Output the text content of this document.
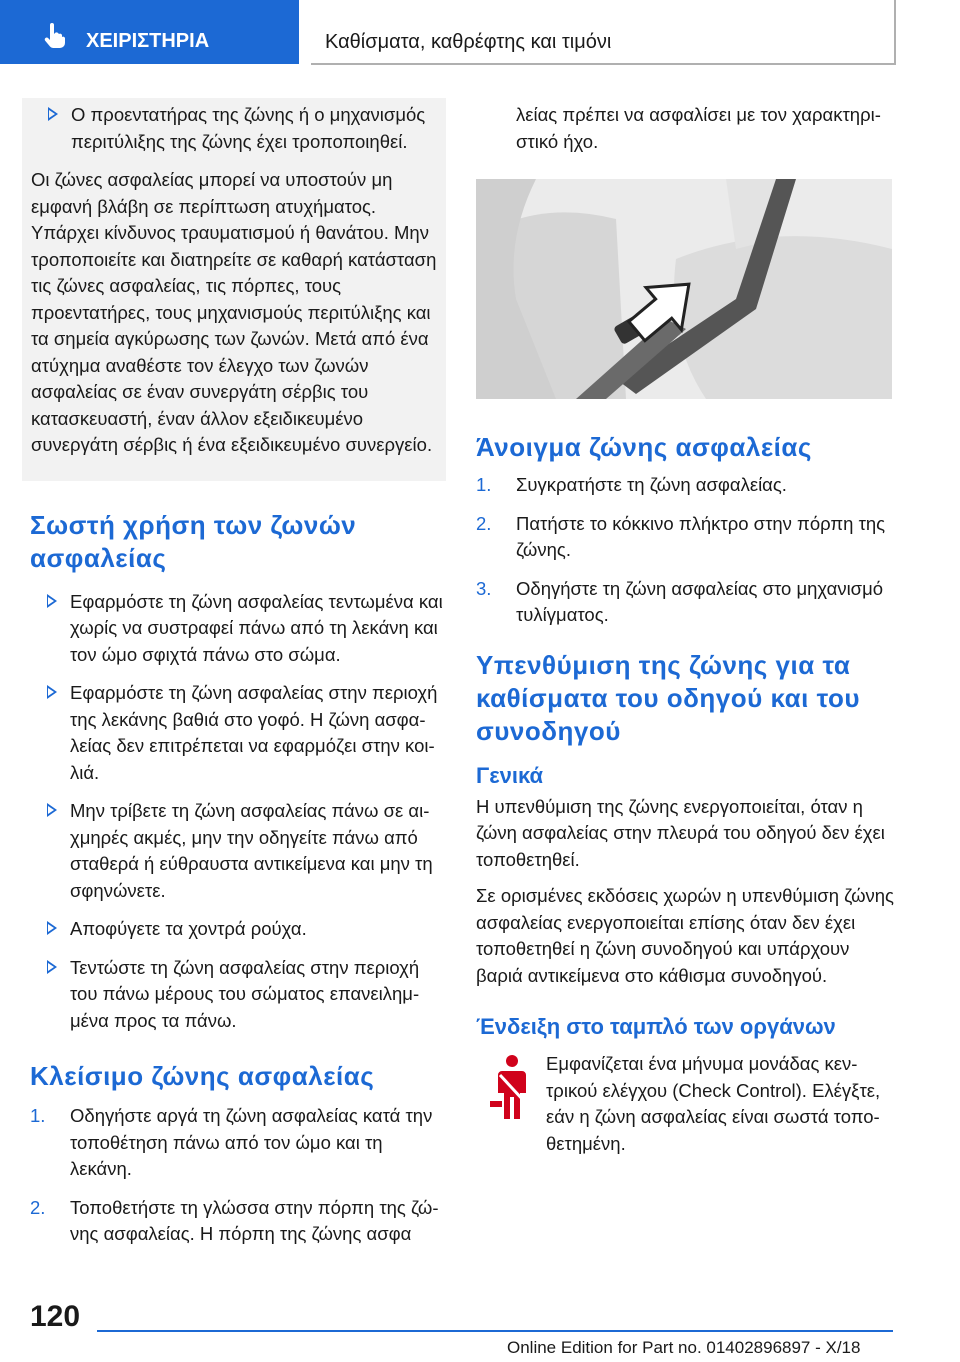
ΧΕΙΡΙΣΤΗΡΙΑ	Καθίσματα, καθρέφτης και τιμόνι
Ο προεντατήρας της ζώνης ή ο μηχανισμός περιτύλιξης της ζώνης έχει τροποποιηθεί.

Οι ζώνες ασφαλείας μπορεί να υποστούν μη εμφανή βλάβη σε περίπτωση ατυχήματος. Υπάρχει κίνδυνος τραυματισμού ή θανάτου. Μην τροποποιείτε και διατηρείτε σε καθαρή κατάσταση τις ζώνες ασφαλείας, τις πόρπες, τους προεντατήρες, τους μηχανισμούς περιτύλιξης και τα σημεία αγκύρωσης των ζωνών. Μετά από ένα ατύχημα αναθέστε τον έλεγχο των ζωνών ασφαλείας σε έναν συνεργάτη σέρβις του κατασκευαστή, έναν άλλον εξειδικευμένο συνεργάτη σέρβις ή ένα εξειδικευμένο συνεργείο.

Σωστή χρήση των ζωνών ασφαλείας
Εφαρμόστε τη ζώνη ασφαλείας τεντωμένα και χωρίς να συστραφεί πάνω από τη λεκάνη και τον ώμο σφιχτά πάνω στο σώμα.
Εφαρμόστε τη ζώνη ασφαλείας στην περιοχή της λεκάνης βαθιά στο γοφό. Η ζώνη ασφαλείας δεν επιτρέπεται να εφαρμόζει στην κοιλιά.
Μην τρίβετε τη ζώνη ασφαλείας πάνω σε αιχμηρές ακμές, μην την οδηγείτε πάνω από σταθερά ή εύθραυστα αντικείμενα και μην τη σφηνώνετε.
Αποφύγετε τα χοντρά ρούχα.
Τεντώστε τη ζώνη ασφαλείας στην περιοχή του πάνω μέρους του σώματος επανειλημμένα προς τα πάνω.
Κλείσιμο ζώνης ασφαλείας
1. Οδηγήστε αργά τη ζώνη ασφαλείας κατά την τοποθέτηση πάνω από τον ώμο και τη λεκάνη.
2. Τοποθετήστε τη γλώσσα στην πόρπη της ζώνης ασφαλείας. Η πόρπη της ζώνης ασφα

λείας πρέπει να ασφαλίσει με τον χαρακτηριστικό ήχο.

Άνοιγμα ζώνης ασφαλείας
1. Συγκρατήστε τη ζώνη ασφαλείας.
2. Πατήστε το κόκκινο πλήκτρο στην πόρπη της ζώνης.
3. Οδηγήστε τη ζώνη ασφαλείας στο μηχανισμό τυλίγματος.
Υπενθύμιση της ζώνης για τα καθίσματα του οδηγού και του συνοδηγού
Γενικά

Η υπενθύμιση της ζώνης ενεργοποιείται, όταν η ζώνη ασφαλείας στην πλευρά του οδηγού δεν έχει τοποθετηθεί.

Σε ορισμένες εκδόσεις χωρών η υπενθύμιση ζώνης ασφαλείας ενεργοποιείται επίσης όταν δεν έχει τοποθετηθεί η ζώνη συνοδηγού και υπάρχουν βαριά αντικείμενα στο κάθισμα συνοδηγού.

Ένδειξη στο ταμπλό των οργάνων
Εμφανίζεται ένα μήνυμα μονάδας κεντρικού ελέγχου (Check Control). Ελέγξτε, εάν η ζώνη ασφαλείας είναι σωστά τοποθετημένη.
120
Online Edition for Part no. 01402896897 - X/18
